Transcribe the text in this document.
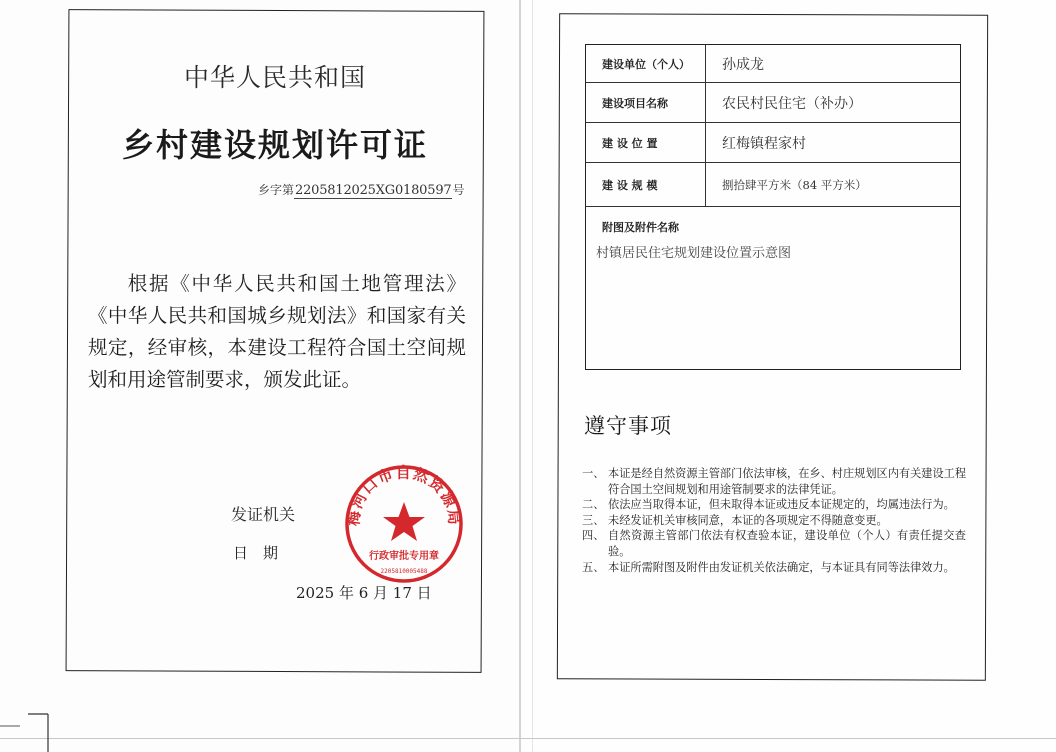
中华人民共和国
乡村建设规划许可证
乡字第2205812025XG0180597号
根据《中华人民共和国土地管理法》《中华人民共和国城乡规划法》和国家有关规定，经审核，本建设工程符合国土空间规划和用途管制要求，颁发此证。
发证机关
日 期
2025 年 6 月 17 日
梅河口市自然资源局
行政审批专用章
2205810005488
建设单位（个人）	孙成龙
建设项目名称	农民村民住宅（补办）
建 设 位 置	红梅镇程家村
建 设 规 模	捌拾肆平方米（84 平方米）
附图及附件名称
村镇居民住宅规划建设位置示意图
遵守事项
一、 本证是经自然资源主管部门依法审核，在乡、村庄规划区内有关建设工程符合国土空间规划和用途管制要求的法律凭证。
二、 依法应当取得本证，但未取得本证或违反本证规定的，均属违法行为。
三、 未经发证机关审核同意，本证的各项规定不得随意变更。
四、 自然资源主管部门依法有权查验本证，建设单位（个人）有责任提交查验。
五、 本证所需附图及附件由发证机关依法确定，与本证具有同等法律效力。
